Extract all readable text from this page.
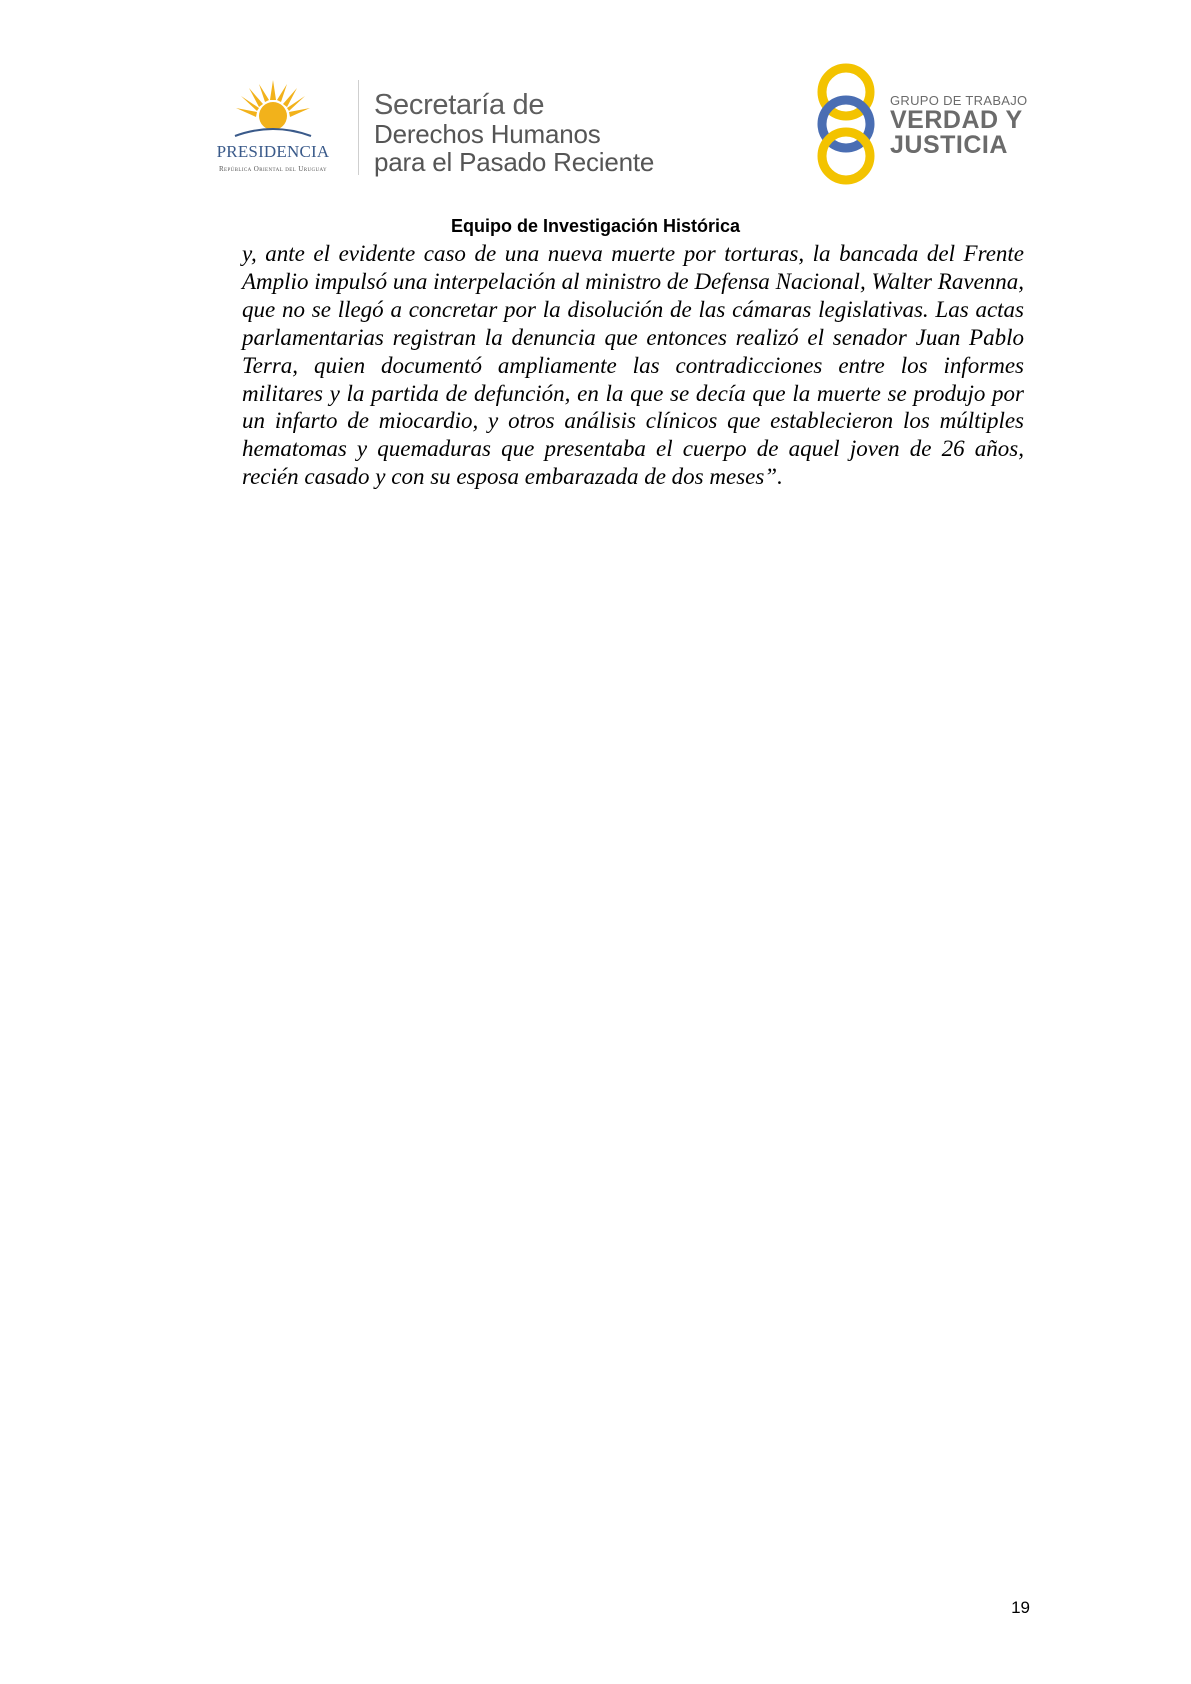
PRESIDENCIA
República Oriental del Uruguay
Secretaría de
Derechos Humanos
para el Pasado Reciente
GRUPO DE TRABAJO
VERDAD Y
JUSTICIA
Equipo de Investigación Histórica

y, ante el evidente caso de una nueva muerte por torturas, la bancada del Frente Amplio impulsó una interpelación al ministro de Defensa Nacional, Walter Ravenna, que no se llegó a concretar por la disolución de las cámaras legislativas. Las actas parlamentarias registran la denuncia que entonces realizó el senador Juan Pablo Terra, quien documentó ampliamente las contradicciones entre los informes militares y la partida de defunción, en la que se decía que la muerte se produjo por un infarto de miocardio, y otros análisis clínicos que establecieron los múltiples hematomas y quemaduras que presentaba el cuerpo de aquel joven de 26 años, recién casado y con su esposa embarazada de dos meses”.

19
